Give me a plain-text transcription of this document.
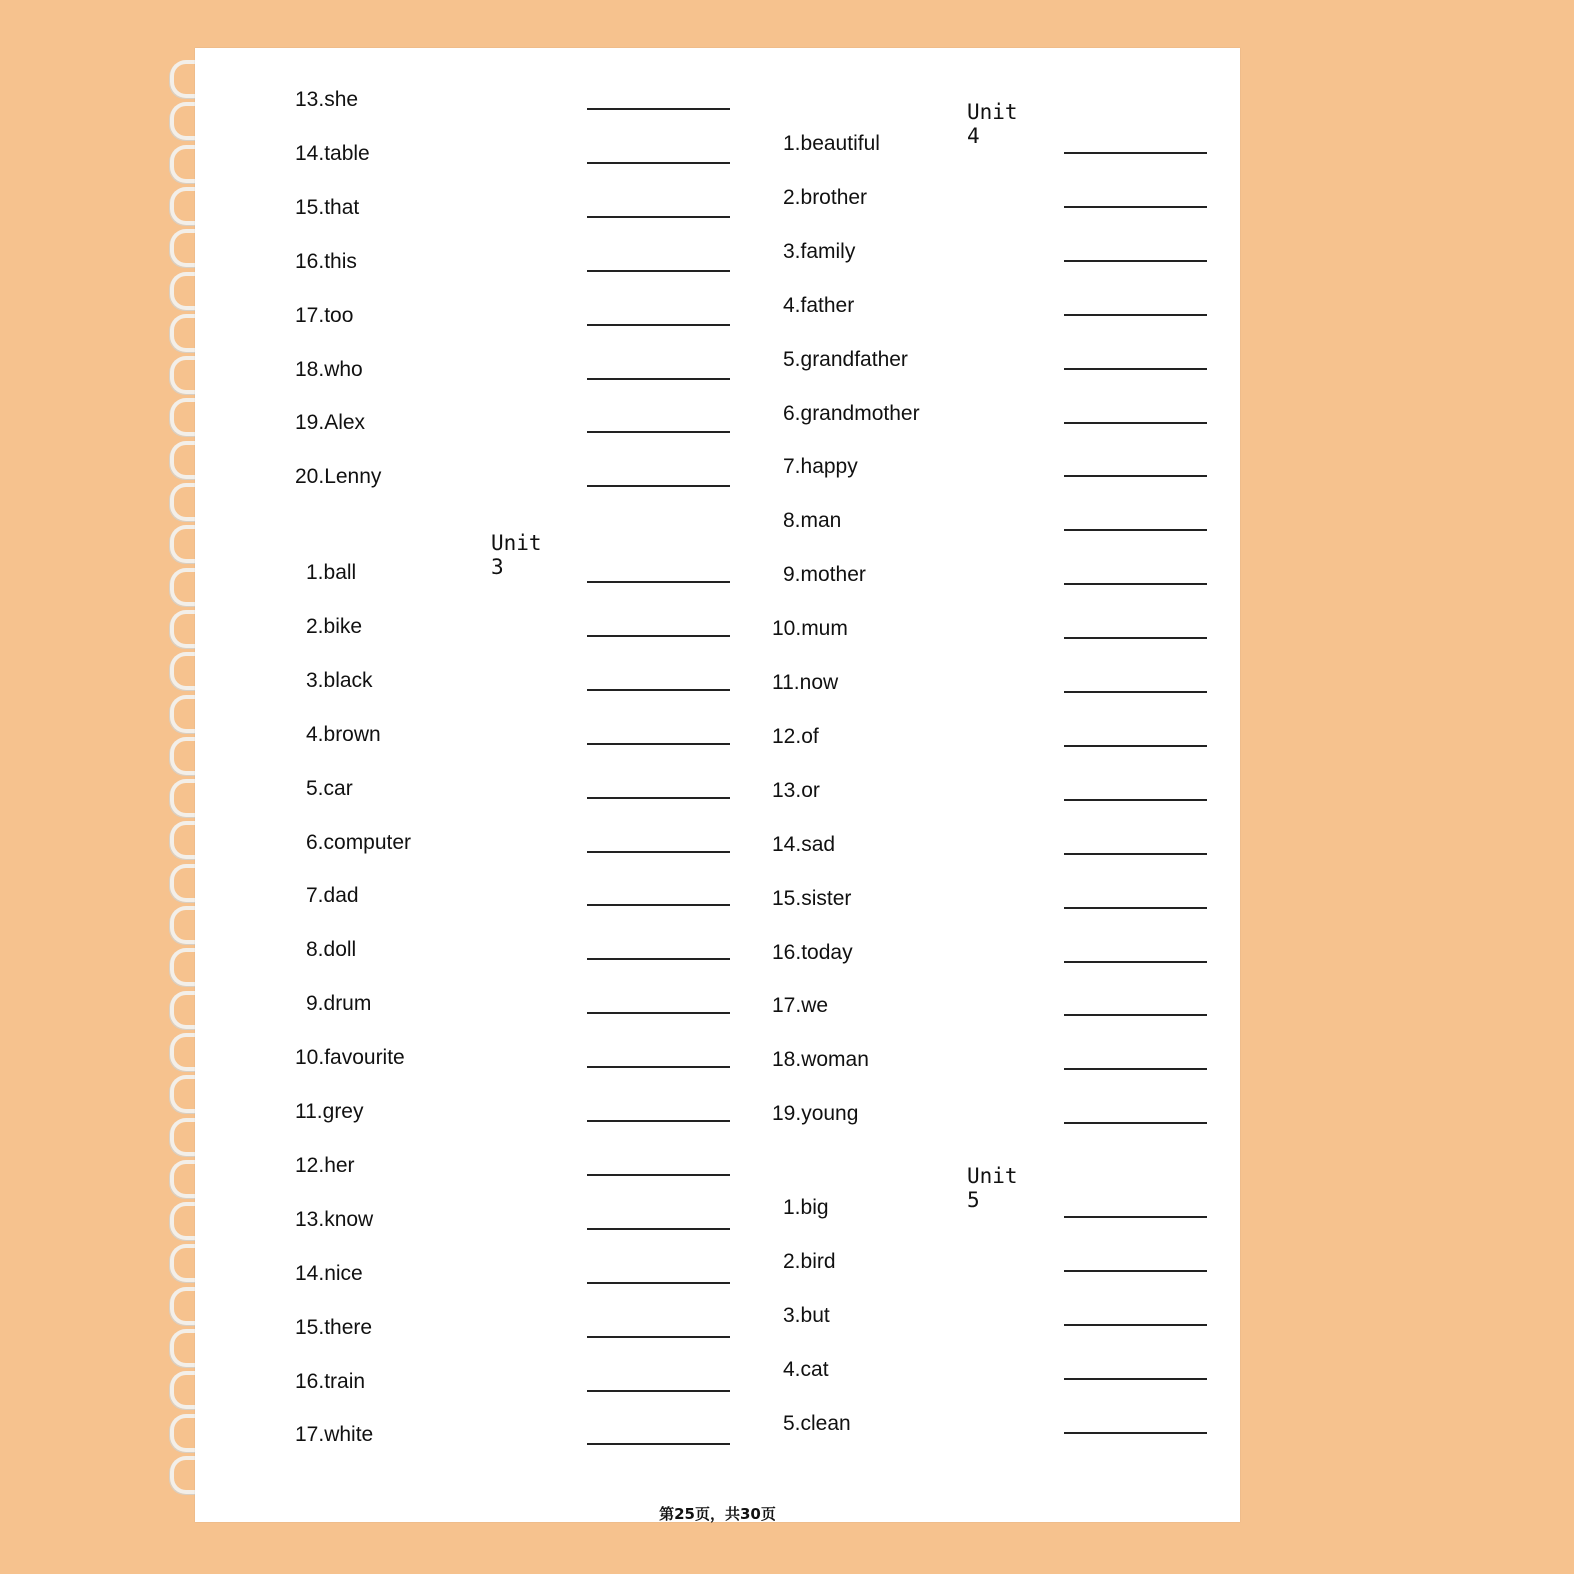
13.she
14.table
15.that
16.this
17.too
18.who
19.Alex
20.Lenny
Unit 3
1.ball
2.bike
3.black
4.brown
5.car
6.computer
7.dad
8.doll
9.drum
10.favourite
11.grey
12.her
13.know
14.nice
15.there
16.train
17.white
Unit 4
1.beautiful
2.brother
3.family
4.father
5.grandfather
6.grandmother
7.happy
8.man
9.mother
10.mum
11.now
12.of
13.or
14.sad
15.sister
16.today
17.we
18.woman
19.young
Unit 5
1.big
2.bird
3.but
4.cat
5.clean
第25页，共30页
